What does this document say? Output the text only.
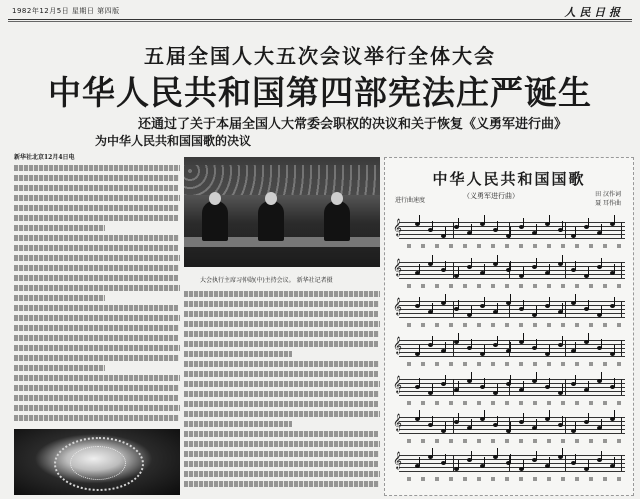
1982年12月5日 星期日 第四版	人 民 日 报
五届全国人大五次会议举行全体大会
中华人民共和国第四部宪法庄严诞生
还通过了关于本届全国人大常委会职权的决议和关于恢复《义勇军进行曲》
为中华人民共和国国歌的决议
新华社北京12月4日电
大会执行主席习仲勋(中)主持会议。 新华社记者摄
中华人民共和国国歌
（义勇军进行曲）
进行曲速度
田 汉作词
聂 耳作曲
𝄞
𝄞
𝄞
𝄞
𝄞
𝄞
𝄞
